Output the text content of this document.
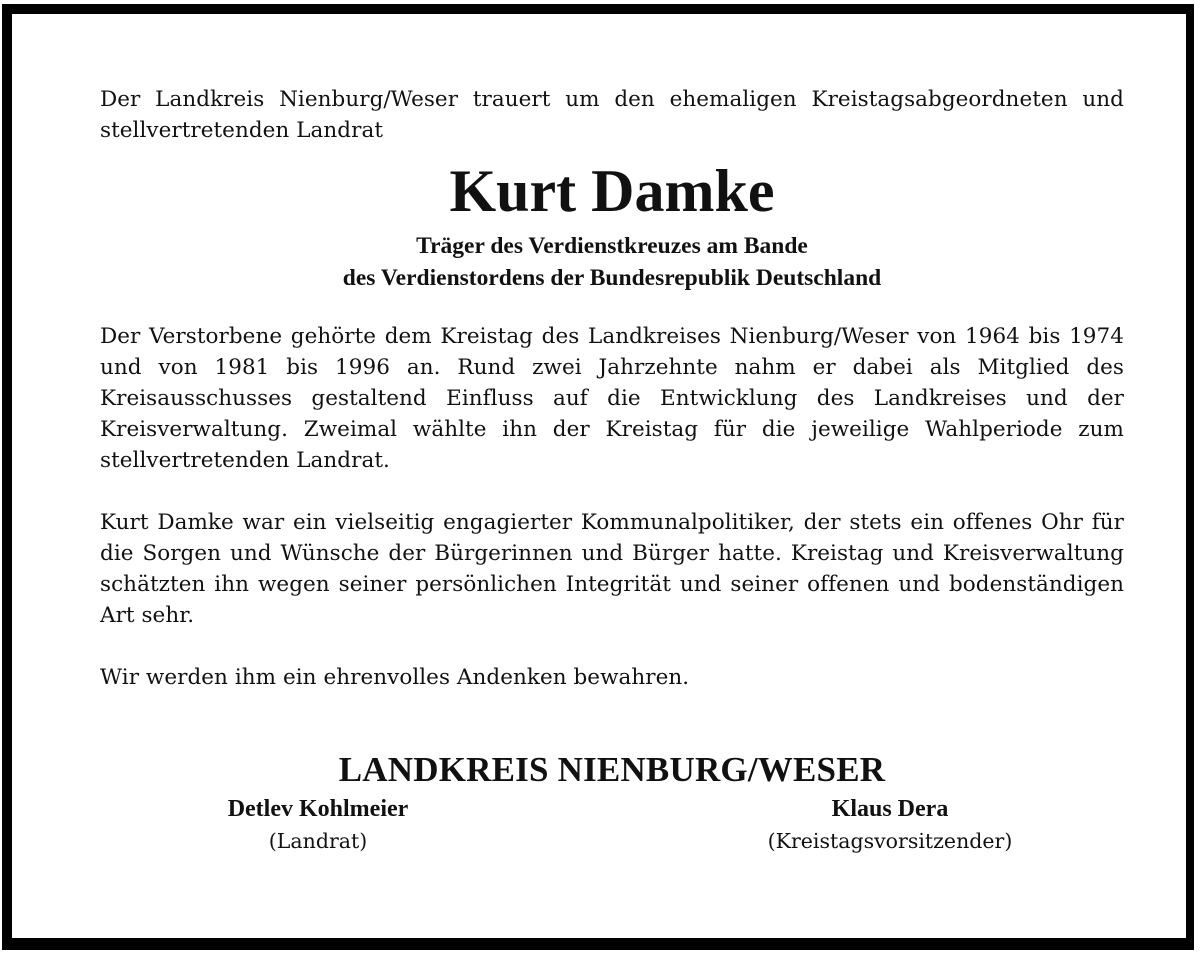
Der Landkreis Nienburg/Weser trauert um den ehemaligen Kreistagsabgeordneten und stellvertretenden Landrat

Kurt Damke
Träger des Verdienstkreuzes am Bande
des Verdienstordens der Bundesrepublik Deutschland

Der Verstorbene gehörte dem Kreistag des Landkreises Nienburg/Weser von 1964 bis 1974 und von 1981 bis 1996 an. Rund zwei Jahrzehnte nahm er dabei als Mitglied des Kreisausschusses gestaltend Einfluss auf die Entwicklung des Landkreises und der Kreisverwaltung. Zweimal wählte ihn der Kreistag für die jeweilige Wahlperiode zum stellvertretenden Landrat.

Kurt Damke war ein vielseitig engagierter Kommunalpolitiker, der stets ein offenes Ohr für die Sorgen und Wünsche der Bürgerinnen und Bürger hatte. Kreistag und Kreisverwaltung schätzten ihn wegen seiner persönlichen Integrität und seiner offenen und bodenständigen Art sehr.

Wir werden ihm ein ehrenvolles Andenken bewahren.

LANDKREIS NIENBURG/WESER
Detlev Kohlmeier
(Landrat)
Klaus Dera
(Kreistagsvorsitzender)
